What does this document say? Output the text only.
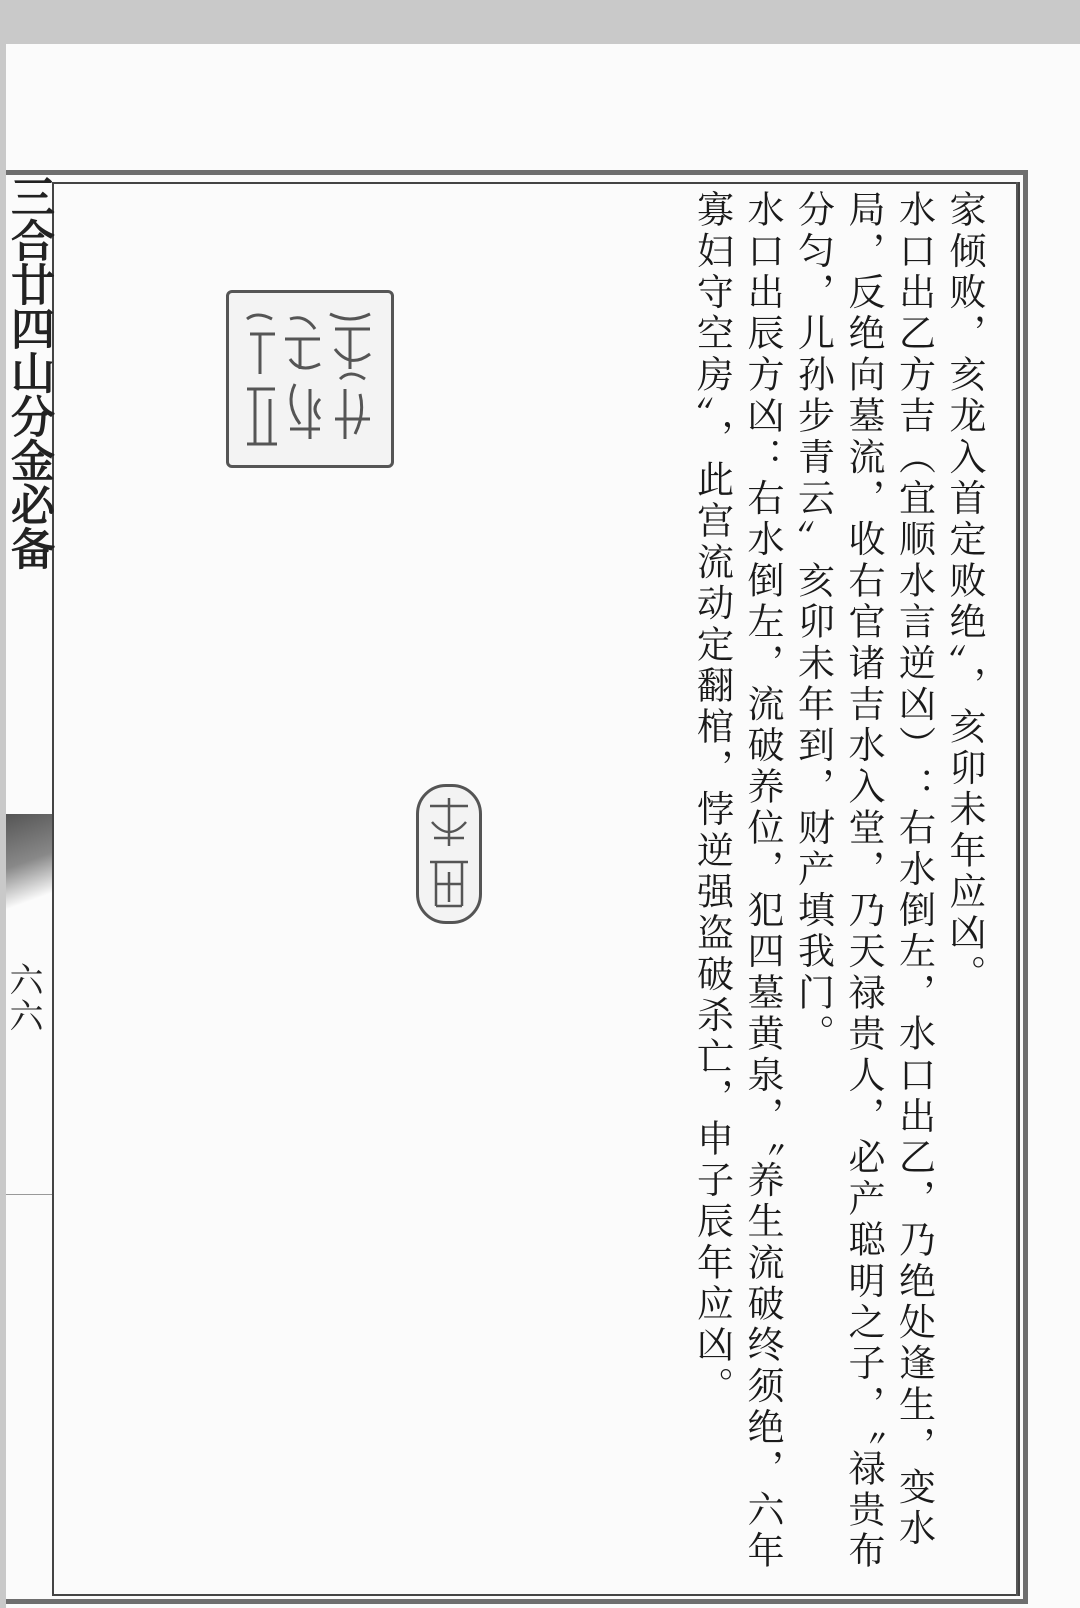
三合廿四山分金必备
六六

家倾败，亥龙入首定败绝〞，亥卯未年应凶。

水口出乙方吉（宜顺水言逆凶）：右水倒左，水口出乙，乃绝处逢生，变水局，反绝向墓流，收右官诸吉水入堂，乃天禄贵人，必产聪明之子，〝禄贵布分匀，儿孙步青云〞亥卯未年到，财产填我门。

水口出辰方凶：右水倒左，流破养位，犯四墓黄泉，〝养生流破终须绝，六年寡妇守空房〞，此宫流动定翻棺，悖逆强盗破杀亡，申子辰年应凶。
